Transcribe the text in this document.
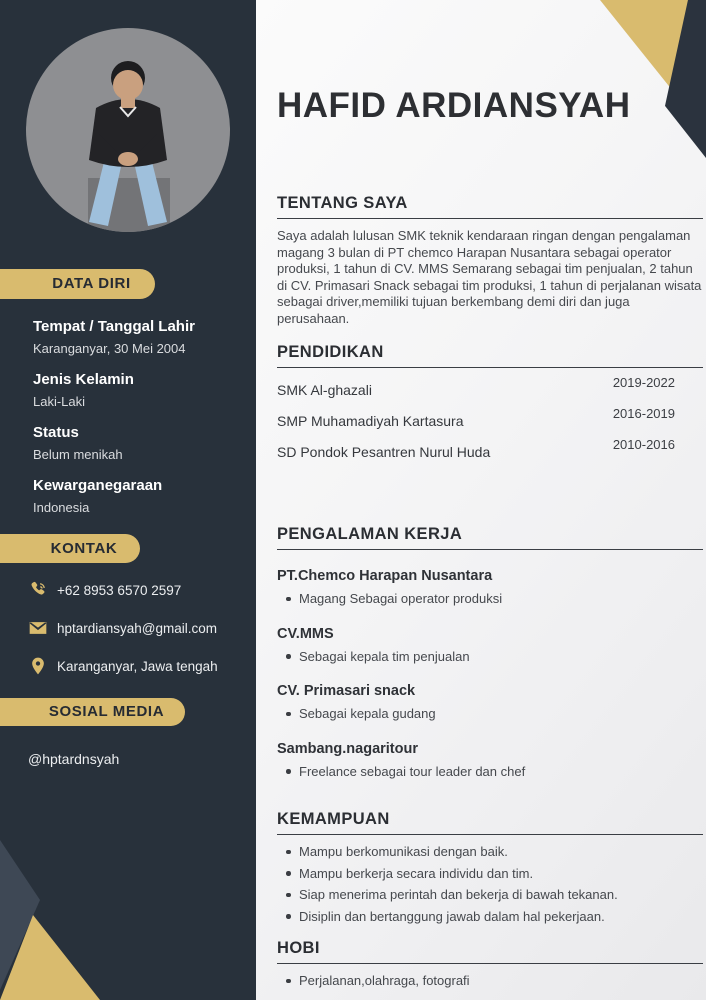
DATA DIRI
Tempat / Tanggal Lahir
Karanganyar, 30 Mei 2004
Jenis Kelamin
Laki-Laki
Status
Belum menikah
Kewarganegaraan
Indonesia
KONTAK
+62 8953 6570 2597
hptardiansyah@gmail.com
Karanganyar, Jawa tengah
SOSIAL MEDIA
@hptardnsyah
HAFID ARDIANSYAH
TENTANG SAYA

Saya adalah lulusan SMK teknik kendaraan ringan dengan pengalaman magang 3 bulan di PT chemco Harapan Nusantara sebagai operator produksi, 1 tahun di CV. MMS Semarang sebagai tim penjualan, 2 tahun di CV. Primasari Snack sebagai tim produksi, 1 tahun di perjalanan wisata sebagai driver,memiliki tujuan berkembang demi diri dan juga perusahaan.

PENDIDIKAN
SMK Al-ghazali	2019-2022
SMP Muhamadiyah Kartasura	2016-2019
SD Pondok Pesantren Nurul Huda	2010-2016
PENGALAMAN KERJA
PT.Chemco Harapan Nusantara
Magang Sebagai operator produksi
CV.MMS
Sebagai kepala tim penjualan
CV. Primasari snack
Sebagai kepala gudang
Sambang.nagaritour
Freelance sebagai tour leader dan chef
KEMAMPUAN
Mampu berkomunikasi dengan baik.
Mampu berkerja secara individu dan tim.
Siap menerima perintah dan bekerja di bawah tekanan.
Disiplin dan bertanggung jawab dalam hal pekerjaan.
HOBI
Perjalanan,olahraga, fotografi
